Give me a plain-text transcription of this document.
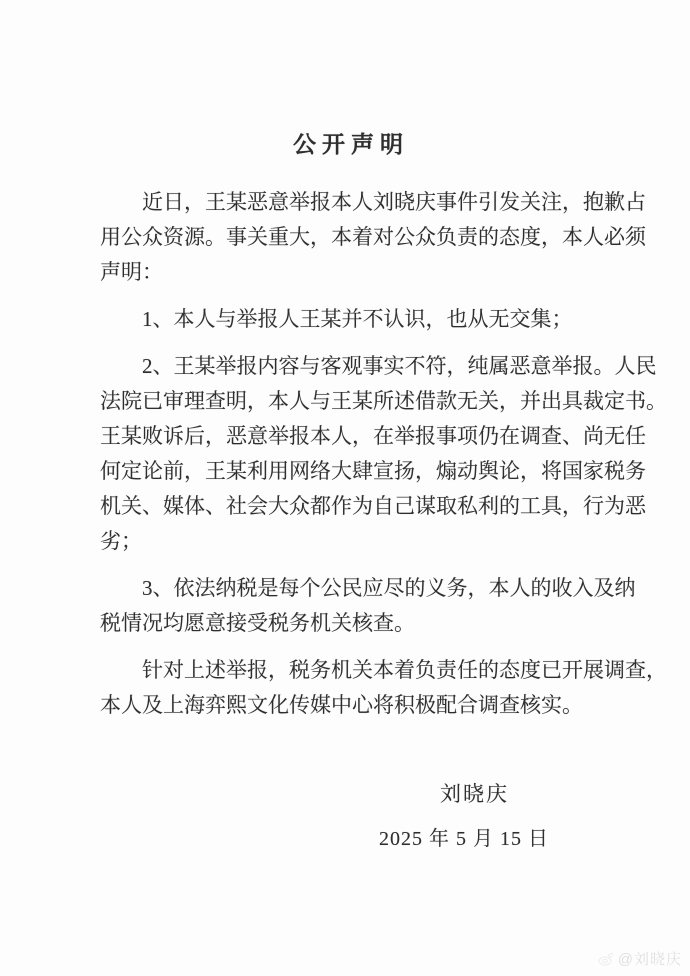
公开声明
近日，王某恶意举报本人刘晓庆事件引发关注，抱歉占
用公众资源。事关重大，本着对公众负责的态度，本人必须
声明：
1、本人与举报人王某并不认识，也从无交集；
2、王某举报内容与客观事实不符，纯属恶意举报。人民
法院已审理查明，本人与王某所述借款无关，并出具裁定书。
王某败诉后，恶意举报本人，在举报事项仍在调查、尚无任
何定论前，王某利用网络大肆宣扬，煽动舆论，将国家税务
机关、媒体、社会大众都作为自己谋取私利的工具，行为恶
劣；
3、依法纳税是每个公民应尽的义务，本人的收入及纳
税情况均愿意接受税务机关核查。
针对上述举报，税务机关本着负责任的态度已开展调查，
本人及上海弈熙文化传媒中心将积极配合调查核实。
刘晓庆
2025 年 5 月 15 日
@刘晓庆
